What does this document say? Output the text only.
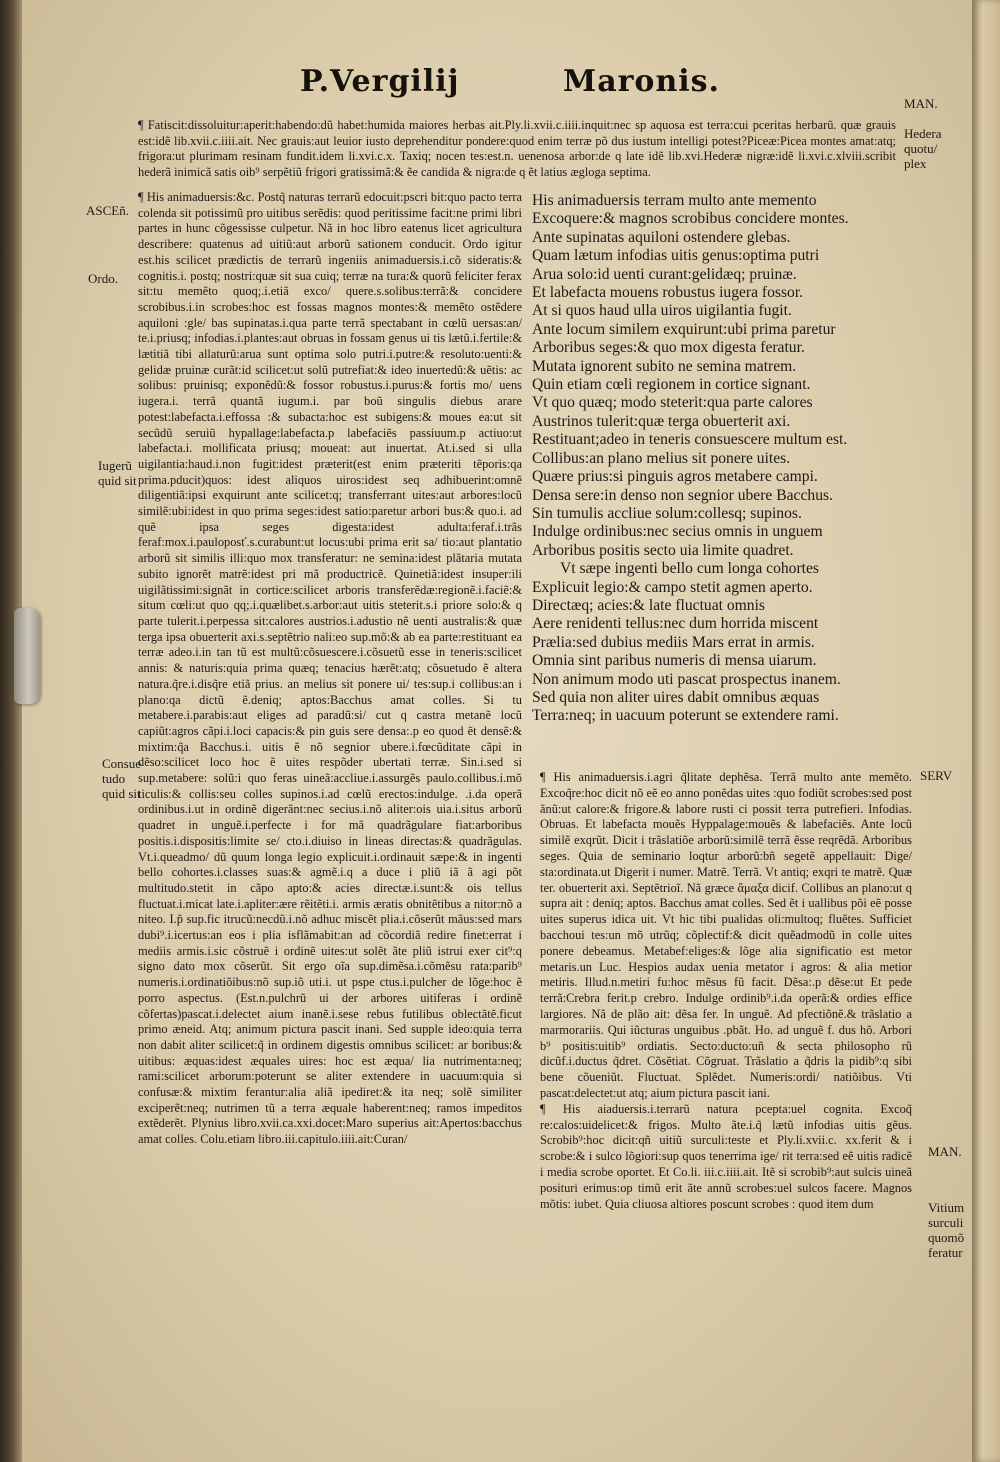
P.Vergilij	Maronis.
¶ Fatiscit:dissoluitur:aperit:habendo:dũ habet:humida maiores herbas ait.Ply.li.xvii.c.iiii.inquit:nec sp aquosa est terra:cui pceritas herbarũ. quæ grauis est:idẽ lib.xvii.c.iiii.ait. Nec grauis:aut leuior iusto deprehenditur pondere:quod enim terræ põ dus iustum intelligi potest?Piceæ:Picea montes amat:atq; frigora:ut plurimam resinam fundit.idem li.xvi.c.x. Taxiq; nocen tes:est.n. uenenosa arbor:de q late idẽ lib.xvi.Hederæ nigræ:idẽ li.xvi.c.xlviii.scribit hederã inimicã satis oib⁹ serpẽtiũ frigori gratissimã:& ẽe candida & nigra:de q ẽt latius ægloga septima.
¶ His animaduersis:&c. Postq̃ naturas terrarũ edocuit:pscri bit:quo pacto terra colenda sit potissimũ pro uitibus serẽdis: quod peritissime facit:ne primi libri partes in hunc cõgessisse culpetur. Nã in hoc libro eatenus licet agricultura describere: quatenus ad uitiũ:aut arborũ sationem conducit. Ordo igitur est.his scilicet prædictis de terrarũ ingeniis animaduersis.i.cõ sideratis:& cognitis.i. postq; nostri:quæ sit sua cuiq; terræ na tura:& quorũ feliciter ferax sit:tu memẽto quoq;.i.etiã exco/ quere.s.solibus:terrã:& concidere scrobibus.i.in scrobes:hoc est fossas magnos montes:& memẽto ostẽdere aquiloni :gle/ bas supinatas.i.qua parte terrã spectabant in cœlũ uersas:an/ te.i.priusq; infodias.i.plantes:aut obruas in fossam genus ui tis lætũ.i.fertile:& lætitiã tibi allaturũ:arua sunt optima solo putri.i.putre:& resoluto:uenti:& gelidæ pruinæ curãt:id scilicet:ut solũ putrefiat:& ideo inuertedũ:& uẽtis: ac solibus: pruinisq; exponẽdũ:& fossor robustus.i.purus:& fortis mo/ uens iugera.i. terrã quantã iugum.i. par boũ singulis diebus arare potest:labefacta.i.effossa :& subacta:hoc est subigens:& moues ea:ut sit secũdũ seruiũ hypallage:labefacta.p labefaciẽs passiuum.p actiuo:ut labefacta.i. mollificata priusq; moueat: aut inuertat. At.i.sed si ulla uigilantia:haud.i.non fugit:idest præterit(est enim præteriti tẽporis:qa prima.pducit)quos: idest aliquos uiros:idest seq adhibuerint:omnẽ diligentiã:ipsi exquirunt ante scilicet:q; transferrant uites:aut arbores:locũ similẽ:ubi:idest in quo prima seges:idest satio:paretur arbori bus:& quo.i. ad quẽ ipsa seges digesta:idest adulta:feraf.i.trãs feraf:mox.i.pauloposť.s.curabunt:ut locus:ubi prima erit sa/ tio:aut plantatio arborũ sit similis illi:quo mox transferatur: ne semina:idest plãtaria mutata subito ignorẽt matrẽ:idest pri mã productricẽ. Quinetiã:idest insuper:ili uigilãtissimi:signãt in cortice:scilicet arboris transferẽdæ:regionẽ.i.faciẽ:& situm cœli:ut quo qq;.i.quælibet.s.arbor:aut uitis steterit.s.i priore solo:& q parte tulerit.i.perpessa sit:calores austrios.i.adustio nẽ uenti australis:& quæ terga ipsa obuerterit axi.s.septẽtrio nali:eo sup.mõ:& ab ea parte:restituant ea terræ adeo.i.in tan tũ est multũ:cõsuescere.i.cõsuetũ esse in teneris:scilicet annis: & naturis:quia prima quæq; tenacius hærẽt:atq; cõsuetudo ẽ altera natura.q̃re.i.disq̃re etiã prius. an melius sit ponere ui/ tes:sup.i collibus:an i plano:qa dictũ ẽ.deniq; aptos:Bacchus amat colles. Si tu metabere.i.parabis:aut eliges ad paradũ:si/ cut q castra metanẽ locũ capiũt:agros cãpi.i.loci capacis:& pin guis sere densa:.p eo quod ẽt densẽ:& mixtim:q̃a Bacchus.i. uitis ẽ nõ segnior ubere.i.fœcũditate cãpi in dẽso:scilicet loco hoc ẽ uites respõder ubertati terræ. Sin.i.sed si sup.metabere: solũ:i quo feras uineã:accliue.i.assurgẽs paulo.collibus.i.mõ ticulis:& collis:seu colles supinos.i.ad cœlũ erectos:indulge. .i.da operã ordinibus.i.ut in ordinẽ digerãnt:nec secius.i.nõ aliter:ois uia.i.situs arborũ quadret in unguẽ.i.perfecte i for mã quadrãgulare fiat:arboribus positis.i.dispositis:limite se/ cto.i.diuiso in lineas directas:& quadrãgulas. Vt.i.queadmo/ dũ quum longa legio explicuit.i.ordinauit sæpe:& in ingenti bello cohortes.i.classes suas:& agmẽ.i.q a duce i pliũ iã ã agi põt multitudo.stetit in cãpo apto:& acies directæ.i.sunt:& ois tellus fluctuat.i.micat late.i.apliter:ære rẽitẽti.i. armis æratis obnitẽtibus a nitor:nõ a niteo. I.p̃ sup.fic itrucũ:necdũ.i.nõ adhuc miscẽt plia.i.cõserũt mãus:sed mars dubi⁹.i.icertus:an eos i plia isflãmabit:an ad cõcordiã redire finet:errat i mediis armis.i.sic cõstruẽ i ordinẽ uites:ut solẽt ãte pliũ istrui exer cit⁹:q signo dato mox cõserũt. Sit ergo oĩa sup.dimẽsa.i.cõmẽsu rata:parib⁹ numeris.i.ordinatiõibus:nõ sup.iõ uti.i. ut pspe ctus.i.pulcher de lõge:hoc ẽ porro aspectus. (Est.n.pulchrũ ui der arbores uitiferas i ordinẽ cõfertas)pascat.i.delectet aium inanẽ.i.sese rebus futilibus oblectãtẽ.ficut primo æneid. Atq; animum pictura pascit inani. Sed supple ideo:quia terra non dabit aliter scilicet:q̃ in ordinem digestis omnibus scilicet: ar boribus:& uitibus: æquas:idest æquales uires: hoc est æqua/ lia nutrimenta:neq; rami:scilicet arborum:poterunt se aliter extendere in uacuum:quia si confusæ:& mixtim ferantur:alia aliã ipediret:& ita neq; solẽ similiter exciperẽt:neq; nutrimen tũ a terra æquale haberent:neq; ramos impeditos extẽderẽt. Plynius libro.xvii.ca.xxi.docet:Maro superius ait:Apertos:bacchus amat colles. Colu.etiam libro.iii.capitulo.iiii.ait:Curan/
His animaduersis terram multo ante memento
Excoquere:& magnos scrobibus concidere montes.
Ante supinatas aquiloni ostendere glebas.
Quam lætum infodias uitis genus:optima putri
Arua solo:id uenti curant:gelidæq; pruinæ.
Et labefacta mouens robustus iugera fossor.
At si quos haud ulla uiros uigilantia fugit.
Ante locum similem exquirunt:ubi prima paretur
Arboribus seges:& quo mox digesta feratur.
Mutata ignorent subito ne semina matrem.
Quin etiam cœli regionem in cortice signant.
Vt quo quæq; modo steterit:qua parte calores
Austrinos tulerit:quæ terga obuerterit axi.
Restituant;adeo in teneris consuescere multum est.
Collibus:an plano melius sit ponere uites.
Quære prius:si pinguis agros metabere campi.
Densa sere:in denso non segnior ubere Bacchus.
Sin tumulis accliue solum:collesq; supinos.
Indulge ordinibus:nec secius omnis in unguem
Arboribus positis secto uia limite quadret.
Vt sæpe ingenti bello cum longa cohortes
Explicuit legio:& campo stetit agmen aperto.
Directæq; acies:& late fluctuat omnis
Aere renidenti tellus:nec dum horrida miscent
Prælia:sed dubius mediis Mars errat in armis.
Omnia sint paribus numeris di mensa uiarum.
Non animum modo uti pascat prospectus inanem.
Sed quia non aliter uires dabit omnibus æquas
Terra:neq; in uacuum poterunt se extendere rami.
¶ His animaduersis.i.agri q̃litate dephẽsa. Terrã multo ante memẽto. Excoq̃re:hoc dicit nõ eẽ eo anno ponẽdas uites :quo fodiũt scrobes:sed post ãnũ:ut calore:& frigore.& labore rusti ci possit terra putrefieri. Infodias. Obruas. Et labefacta mouẽs Hyppalage:mouẽs & labefaciẽs. Ante locũ similẽ exqrũt. Dicit i trãslatiõe arborũ:similẽ terrã ẽsse reqrẽdã. Arboribus seges. Quia de seminario loqtur arborũ:bñ segetẽ appellauit: Dige/ sta:ordinata.ut Digerit i numer. Matrẽ. Terrã. Vt antiq; exqri te matrẽ. Quæ ter. obuerterit axi. Septẽtrioĩ. Nã græce ἄμαξα dicif. Collibus an plano:ut q supra ait : deniq; aptos. Bacchus amat colles. Sed ẽt i uallibus põi eẽ posse uites superus idica uit. Vt hic tibi pualidas oli:multoq; fluẽtes. Sufficiet bacchoui tes:un mõ utrũq; cõplectif:& dicit quẽadmodũ in colle uites ponere debeamus. Metabef:eliges:& lõge alia significatio est metor metaris.un Luc. Hespios audax uenia metator i agros: & alia metior metiris. Illud.n.metiri fu:hoc mẽsus fũ facit. Dẽsa:.p dẽse:ut Et pede terrã:Crebra ferit.p crebro. Indulge ordinib⁹.i.da operã:& ordies effice largiores. Nã de plão ait: dẽsa fer. In unguẽ. Ad pfectiõnẽ.& trãslatio a marmorariis. Qui iũcturas unguibus .pbãt. Ho. ad unguẽ f. dus hõ. Arbori b⁹ positis:uitib⁹ ordiatis. Secto:ducto:uñ & secta philosopho rũ dicũf.i.ductus q̃dret. Cõsẽtiat. Cõgruat. Trãslatio a q̃dris la pidib⁹:q sibi bene cõueniũt. Fluctuat. Splẽdet. Numeris:ordi/ natiõibus. Vti pascat:delectet:ut atq; aium pictura pascit iani.
¶ His aiaduersis.i.terrarũ natura pcepta:uel cognita. Excoq̃ re:calos:uidelicet:& frigos. Multo ãte.i.q̃ lætũ infodias uitis gẽus. Scrobib⁹:hoc dicit:qñ uitiũ surculi:teste et Ply.li.xvii.c. xx.ferit & i scrobe:& i sulco lõgiori:sup quos tenerrima ige/ rit terra:sed eẽ uitis radicẽ i media scrobe oportet. Et Co.li. iii.c.iiii.ait. Itẽ si scrobib⁹:aut sulcis uineã posituri erimus:op timũ erit ãte annũ scrobes:uel sulcos facere. Magnos mõtis: iubet. Quia cliuosa altiores poscunt scrobes : quod item dum
ASCEñ.
Ordo.
Iugerũ
quid sit
Consue
tudo
quid sit
MAN.
Hedera
quotu/
plex
SERV
MAN.
Vitium
surculi
quomõ
feratur
